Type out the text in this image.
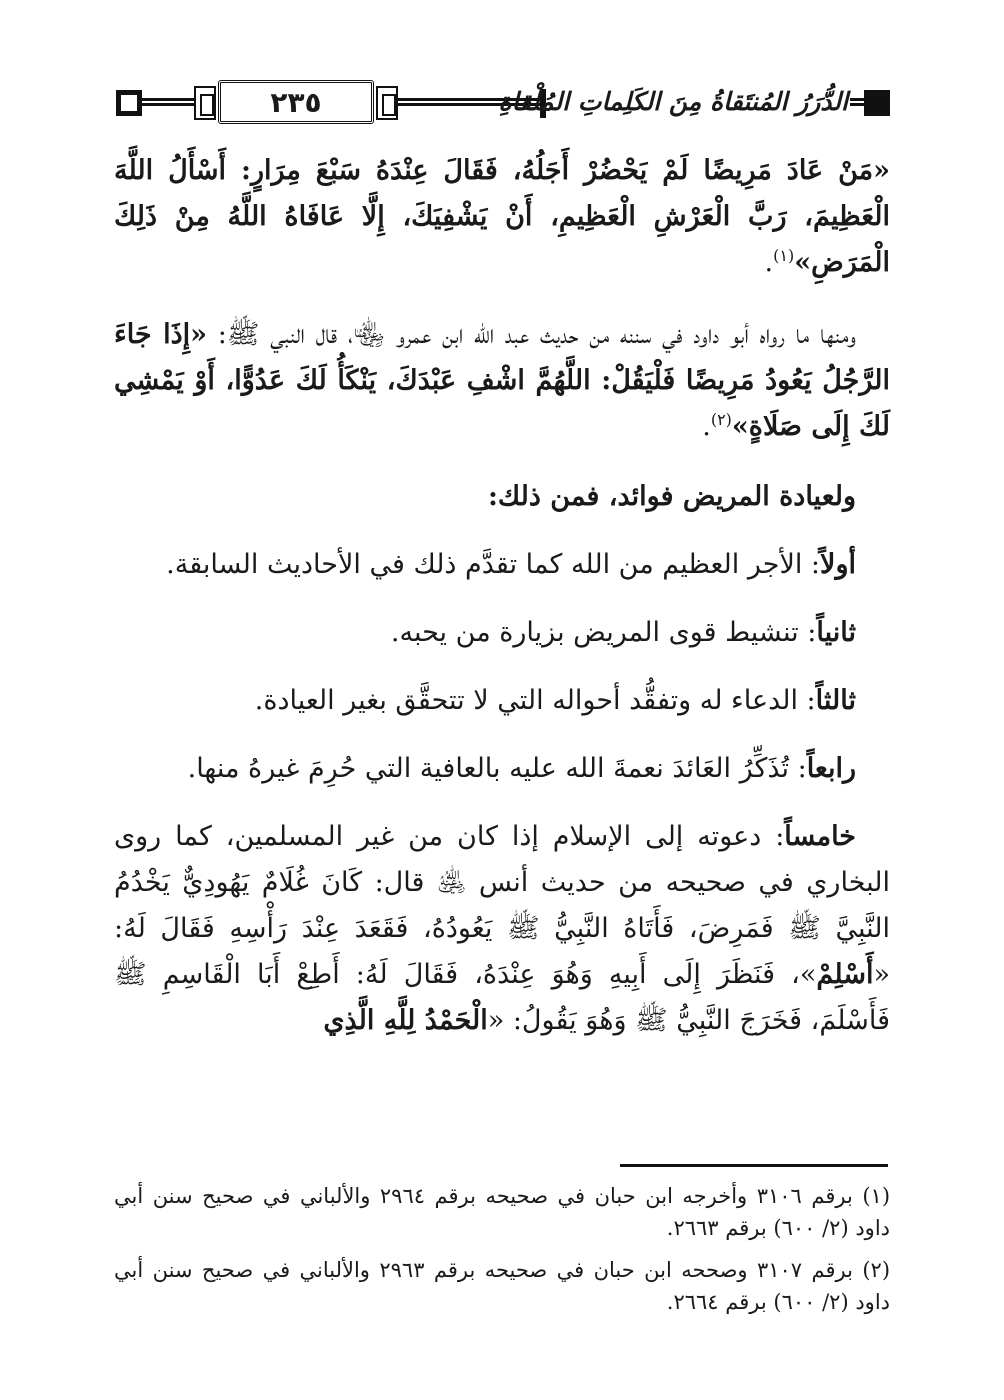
٢٣٥	الدُّرَرُ المُنتَقاةُ مِنَ الكَلِماتِ المُلْقاةِ

«مَنْ عَادَ مَرِيضًا لَمْ يَحْضُرْ أَجَلُهُ، فَقَالَ عِنْدَهُ سَبْعَ مِرَارٍ: أَسْأَلُ اللَّهَ الْعَظِيمَ، رَبَّ الْعَرْشِ الْعَظِيمِ، أَنْ يَشْفِيَكَ، إِلَّا عَافَاهُ اللَّهُ مِنْ ذَلِكَ الْمَرَضِ»$^{(١)}$.

ومنها ما رواه أبو داود في سننه من حديث عبد الله ابن عمرو ﵄، قال النبي ﷺ: «إِذَا جَاءَ الرَّجُلُ يَعُودُ مَرِيضًا فَلْيَقُلْ: اللَّهُمَّ اشْفِ عَبْدَكَ، يَنْكَأُ لَكَ عَدُوًّا، أَوْ يَمْشِي لَكَ إِلَى صَلَاةٍ»$^{(٢)}$.

ولعيادة المريض فوائد، فمن ذلك:

أولاً: الأجر العظيم من الله كما تقدَّم ذلك في الأحاديث السابقة.

ثانياً: تنشيط قوى المريض بزيارة من يحبه.

ثالثاً: الدعاء له وتفقُّد أحواله التي لا تتحقَّق بغير العيادة.

رابعاً: تُذَكِّرُ العَائدَ نعمةَ الله عليه بالعافية التي حُرِمَ غيرهُ منها.

خامساً: دعوته إلى الإسلام إذا كان من غير المسلمين، كما روى البخاري في صحيحه من حديث أنس ﵁ قال: كَانَ غُلَامٌ يَهُودِيٌّ يَخْدُمُ النَّبِيَّ ﷺ فَمَرِضَ، فَأَتَاهُ النَّبِيُّ ﷺ يَعُودُهُ، فَقَعَدَ عِنْدَ رَأْسِهِ فَقَالَ لَهُ: «أَسْلِمْ»، فَنَظَرَ إِلَى أَبِيهِ وَهُوَ عِنْدَهُ، فَقَالَ لَهُ: أَطِعْ أَبَا الْقَاسِمِ ﷺ فَأَسْلَمَ، فَخَرَجَ النَّبِيُّ ﷺ وَهُوَ يَقُولُ: «الْحَمْدُ لِلَّهِ الَّذِي

(١) برقم ٣١٠٦ وأخرجه ابن حبان في صحيحه برقم ٢٩٦٤ والألباني في صحيح سنن أبي داود (٢/ ٦٠٠) برقم ٢٦٦٣.

(٢) برقم ٣١٠٧ وصححه ابن حبان في صحيحه برقم ٢٩٦٣ والألباني في صحيح سنن أبي داود (٢/ ٦٠٠) برقم ٢٦٦٤.
